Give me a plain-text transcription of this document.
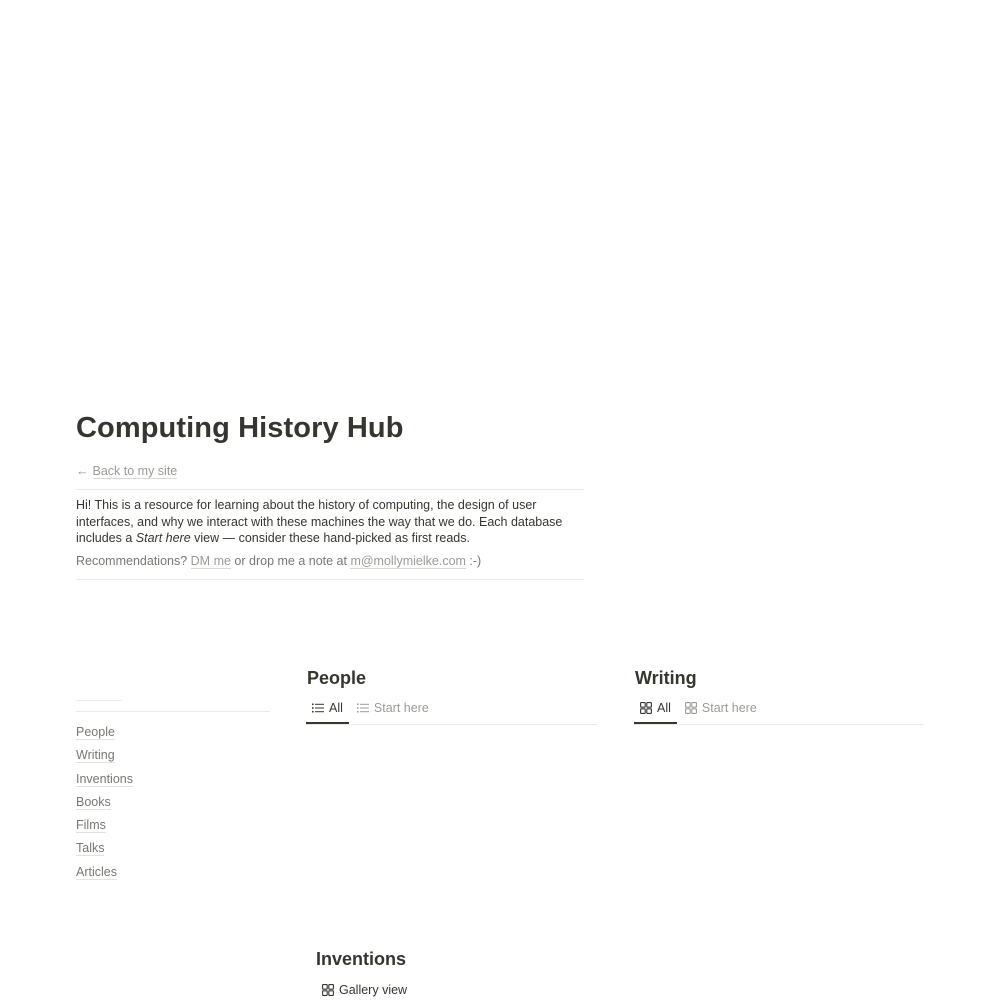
Computing History Hub
← Back to my site

Hi! This is a resource for learning about the history of computing, the design of user interfaces, and why we interact with these machines the way that we do. Each database includes a Start here view — consider these hand-picked as first reads.

Recommendations? DM me or drop me a note at m@mollymielke.com :-)

People
Writing
Inventions
Books
Films
Talks
Articles
People
All Start here
Writing
All Start here
Inventions
Gallery view
